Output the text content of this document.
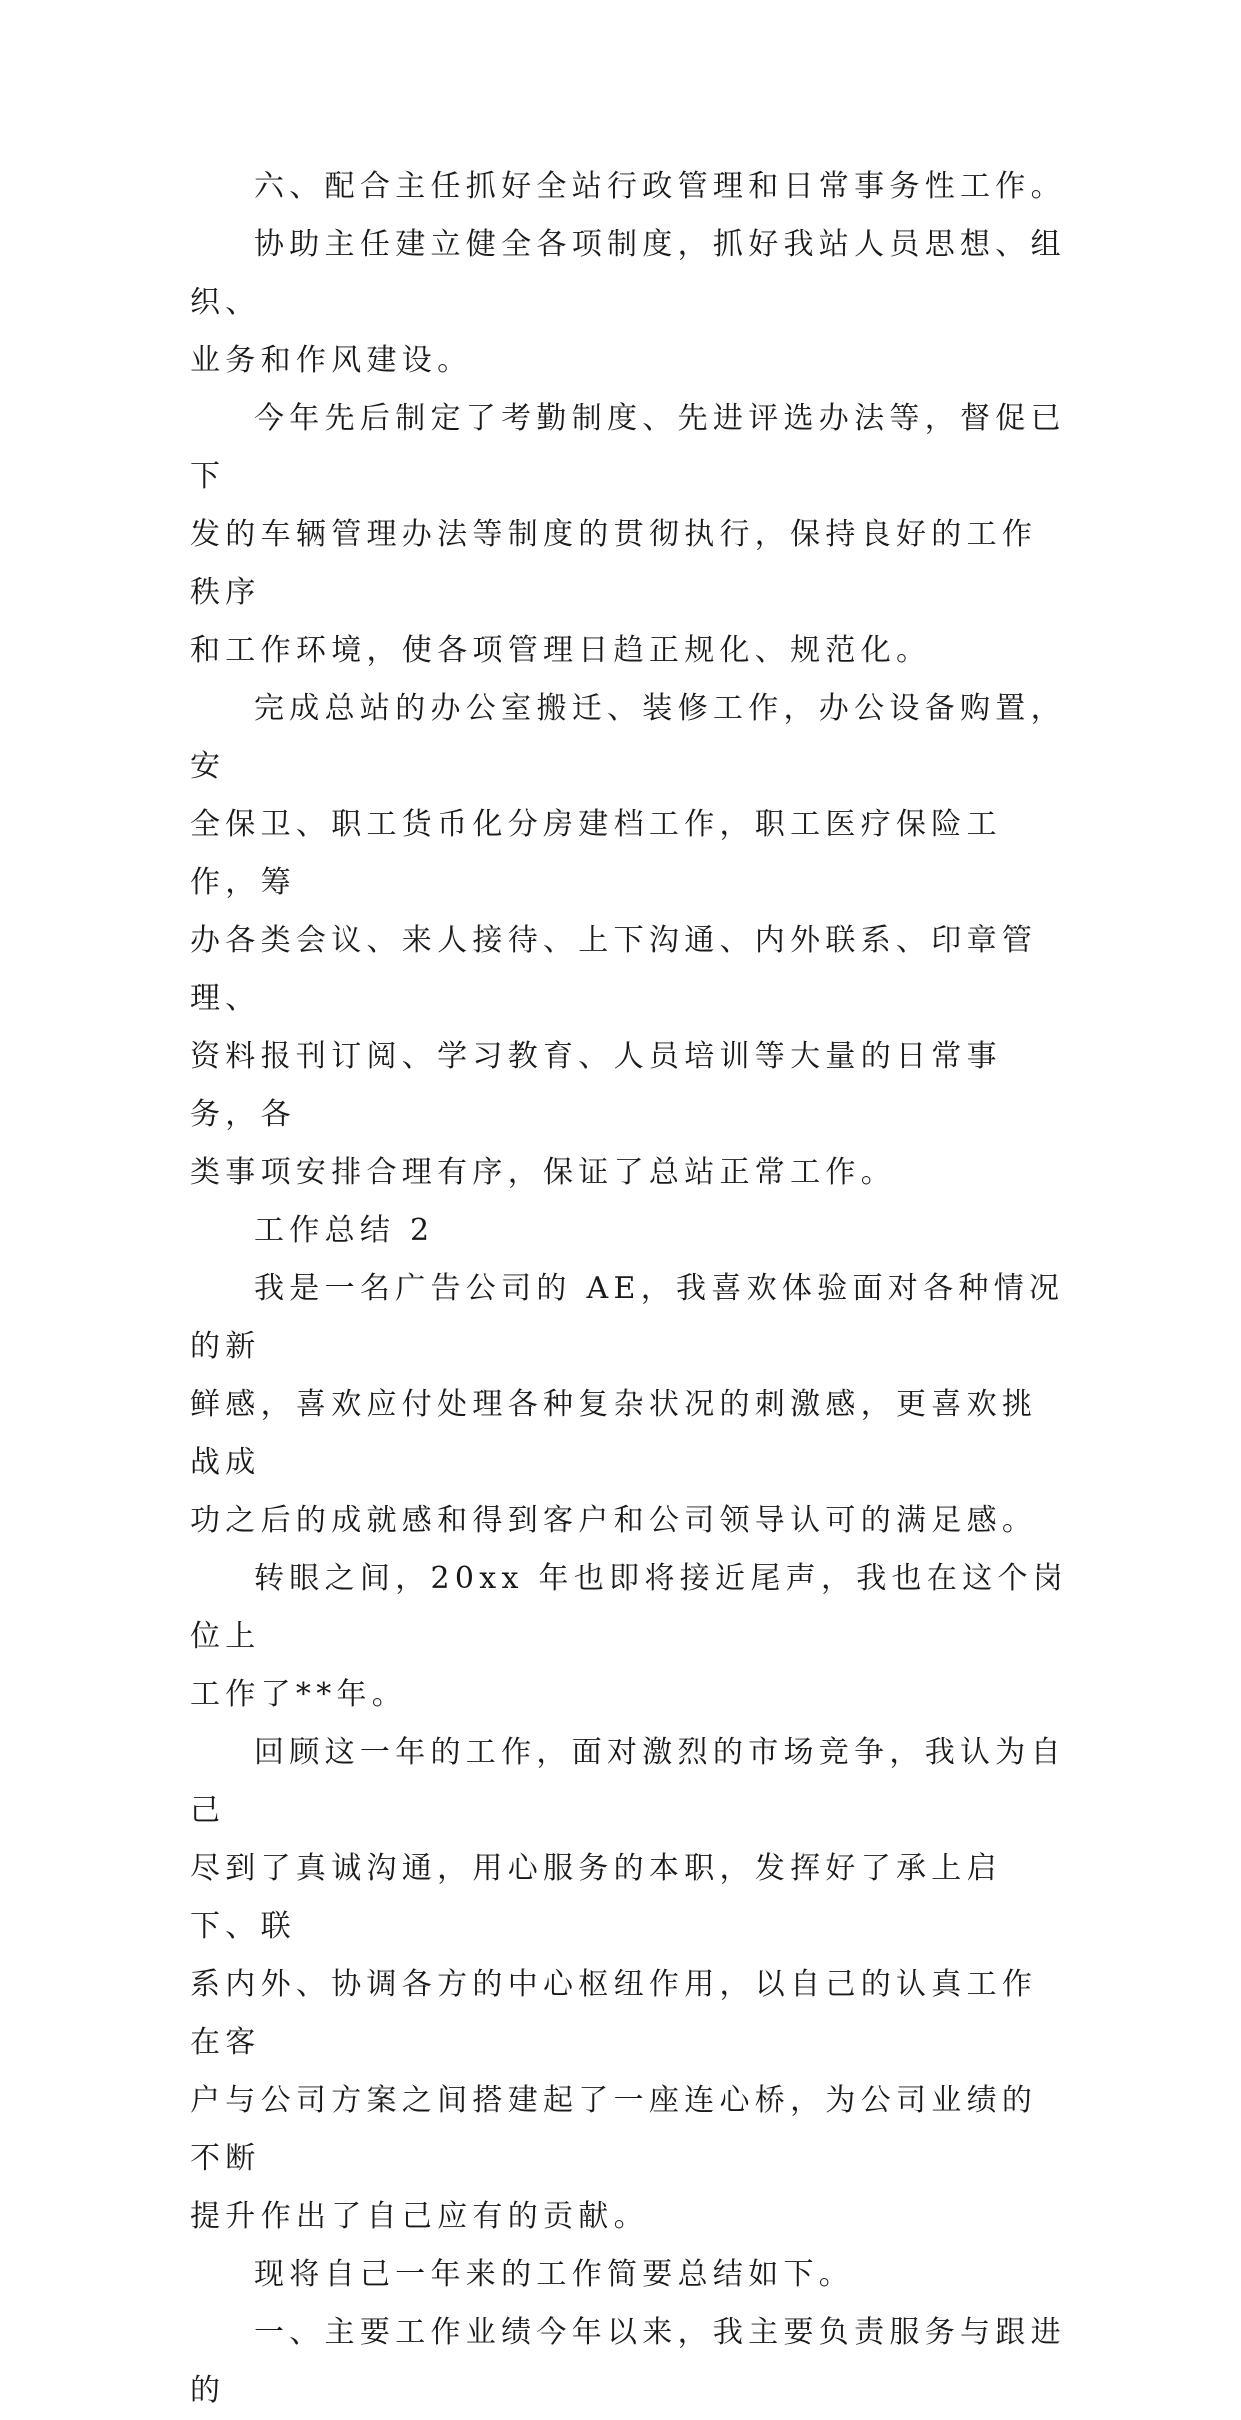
六、配合主任抓好全站行政管理和日常事务性工作。

协助主任建立健全各项制度，抓好我站人员思想、组织、
业务和作风建设。

今年先后制定了考勤制度、先进评选办法等，督促已下
发的车辆管理办法等制度的贯彻执行，保持良好的工作秩序
和工作环境，使各项管理日趋正规化、规范化。

完成总站的办公室搬迁、装修工作，办公设备购置，安
全保卫、职工货币化分房建档工作，职工医疗保险工作，筹
办各类会议、来人接待、上下沟通、内外联系、印章管理、
资料报刊订阅、学习教育、人员培训等大量的日常事务，各
类事项安排合理有序，保证了总站正常工作。

工作总结 2

我是一名广告公司的 AE，我喜欢体验面对各种情况的新
鲜感，喜欢应付处理各种复杂状况的刺激感，更喜欢挑战成
功之后的成就感和得到客户和公司领导认可的满足感。

转眼之间，20xx 年也即将接近尾声，我也在这个岗位上
工作了**年。

回顾这一年的工作，面对激烈的市场竞争，我认为自己
尽到了真诚沟通，用心服务的本职，发挥好了承上启下、联
系内外、协调各方的中心枢纽作用，以自己的认真工作在客
户与公司方案之间搭建起了一座连心桥，为公司业绩的不断
提升作出了自己应有的贡献。

现将自己一年来的工作简要总结如下。

一、主要工作业绩今年以来，我主要负责服务与跟进的
